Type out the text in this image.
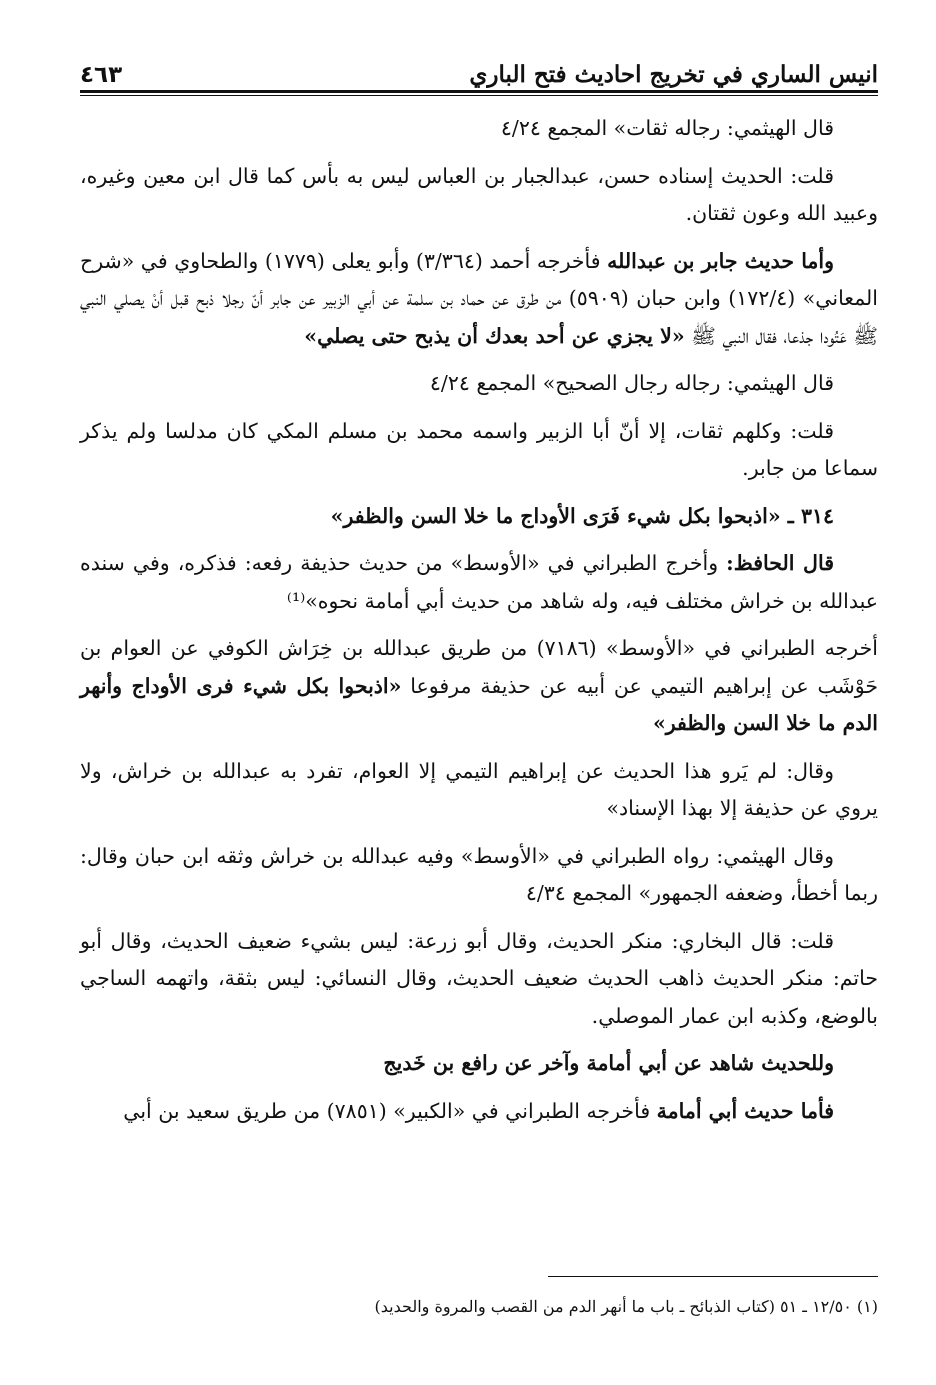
انيس الساري في تخريج احاديث فتح الباري
٤٦٣

قال الهيثمي: رجاله ثقات» المجمع ٤/٢٤

قلت: الحديث إسناده حسن، عبدالجبار بن العباس ليس به بأس كما قال ابن معين وغيره، وعبيد الله وعون ثقتان.

وأما حديث جابر بن عبدالله فأخرجه أحمد (٣/٣٦٤) وأبو يعلى (١٧٧٩) والطحاوي في «شرح المعاني» (١٧٢/٤) وابن حبان (٥٩٠٩) من طرق عن حماد بن سلمة عن أبي الزبير عن جابر أنّ رجلا ذبح قبل أنْ يصلي النبي ﷺ عَتُودا جذعا، فقال النبي ﷺ «لا يجزي عن أحد بعدك أن يذبح حتى يصلي»

قال الهيثمي: رجاله رجال الصحيح» المجمع ٤/٢٤

قلت: وكلهم ثقات، إلا أنّ أبا الزبير واسمه محمد بن مسلم المكي كان مدلسا ولم يذكر سماعا من جابر.

٣١٤ ـ «اذبحوا بكل شيء فَرَى الأوداج ما خلا السن والظفر»

قال الحافظ: وأخرج الطبراني في «الأوسط» من حديث حذيفة رفعه: فذكره، وفي سنده عبدالله بن خراش مختلف فيه، وله شاهد من حديث أبي أمامة نحوه»⁽¹⁾

أخرجه الطبراني في «الأوسط» (٧١٨٦) من طريق عبدالله بن خِرَاش الكوفي عن العوام بن حَوْشَب عن إبراهيم التيمي عن أبيه عن حذيفة مرفوعا «اذبحوا بكل شيء فرى الأوداج وأنهر الدم ما خلا السن والظفر»

وقال: لم يَرو هذا الحديث عن إبراهيم التيمي إلا العوام، تفرد به عبدالله بن خراش، ولا يروي عن حذيفة إلا بهذا الإسناد»

وقال الهيثمي: رواه الطبراني في «الأوسط» وفيه عبدالله بن خراش وثقه ابن حبان وقال: ربما أخطأ، وضعفه الجمهور» المجمع ٤/٣٤

قلت: قال البخاري: منكر الحديث، وقال أبو زرعة: ليس بشيء ضعيف الحديث، وقال أبو حاتم: منكر الحديث ذاهب الحديث ضعيف الحديث، وقال النسائي: ليس بثقة، واتهمه الساجي بالوضع، وكذبه ابن عمار الموصلي.

وللحديث شاهد عن أبي أمامة وآخر عن رافع بن خَديج

فأما حديث أبي أمامة فأخرجه الطبراني في «الكبير» (٧٨٥١) من طريق سعيد بن أبي

(١) ١٢/٥٠ ـ ٥١ (كتاب الذبائح ـ باب ما أنهر الدم من القصب والمروة والحديد)
